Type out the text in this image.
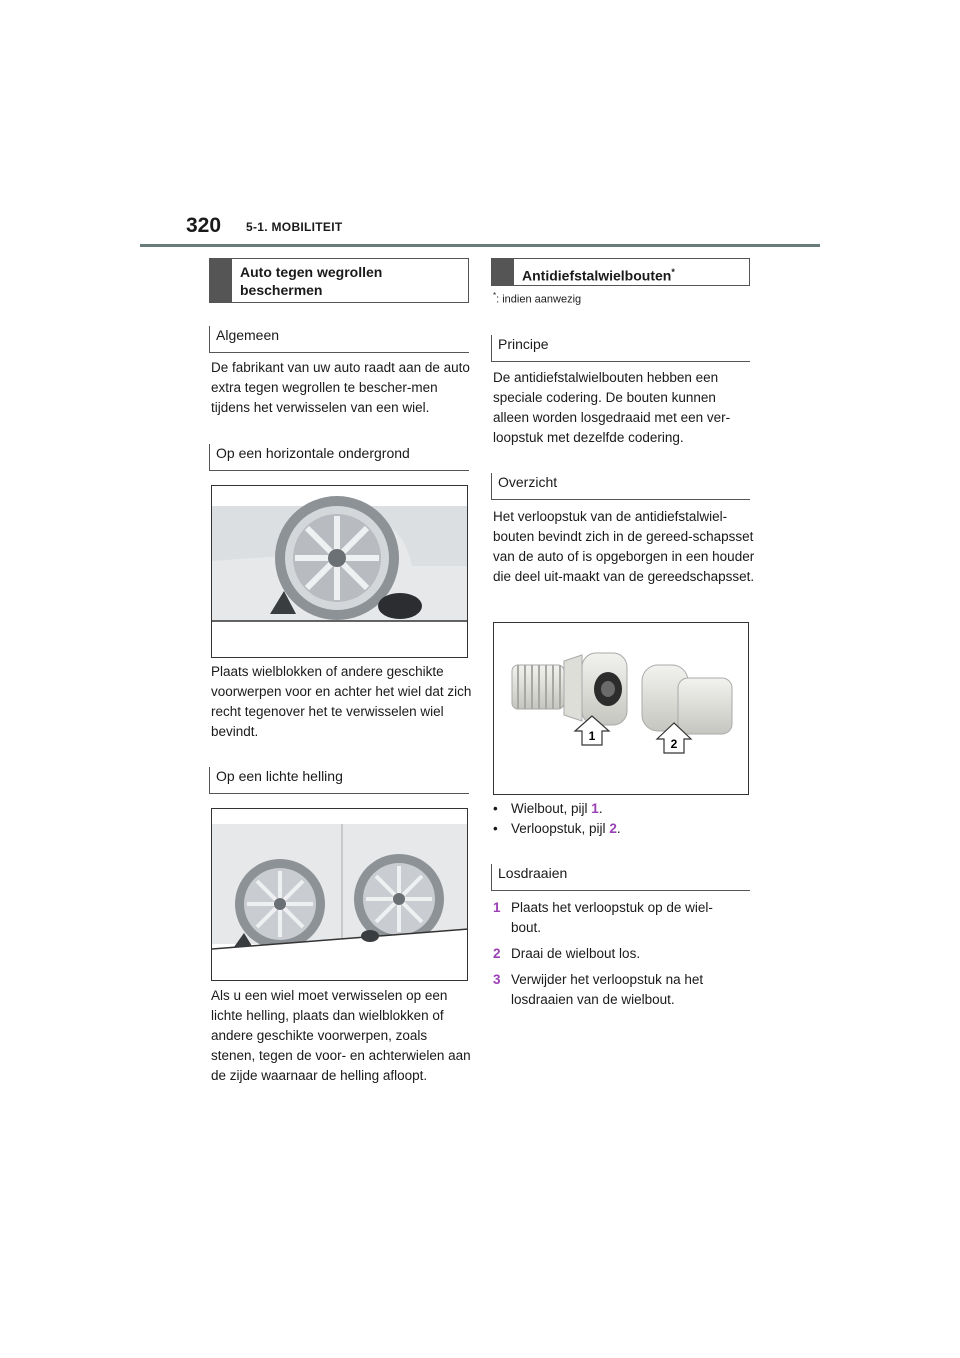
320 5-1. MOBILITEIT
Auto tegen wegrollen beschermen
Algemeen
De fabrikant van uw auto raadt aan de auto extra tegen wegrollen te bescher-men tijdens het verwisselen van een wiel.
Op een horizontale ondergrond
Plaats wielblokken of andere geschikte voorwerpen voor en achter het wiel dat zich recht tegenover het te verwisselen wiel bevindt.
Op een lichte helling
Als u een wiel moet verwisselen op een lichte helling, plaats dan wielblokken of andere geschikte voorwerpen, zoals stenen, tegen de voor- en achterwielen aan de zijde waarnaar de helling afloopt.
Antidiefstalwielbouten*
*: indien aanwezig
Principe
De antidiefstalwielbouten hebben een speciale codering. De bouten kunnen alleen worden losgedraaid met een ver-loopstuk met dezelfde codering.
Overzicht
Het verloopstuk van de antidiefstalwiel-bouten bevindt zich in de gereed-schapsset van de auto of is opgeborgen in een houder die deel uit-maakt van de gereedschapsset.
1
2
• Wielbout, pijl 1.
• Verloopstuk, pijl 2.
Losdraaien
1 Plaats het verloopstuk op de wiel-bout.
2 Draai de wielbout los.
3 Verwijder het verloopstuk na het losdraaien van de wielbout.
